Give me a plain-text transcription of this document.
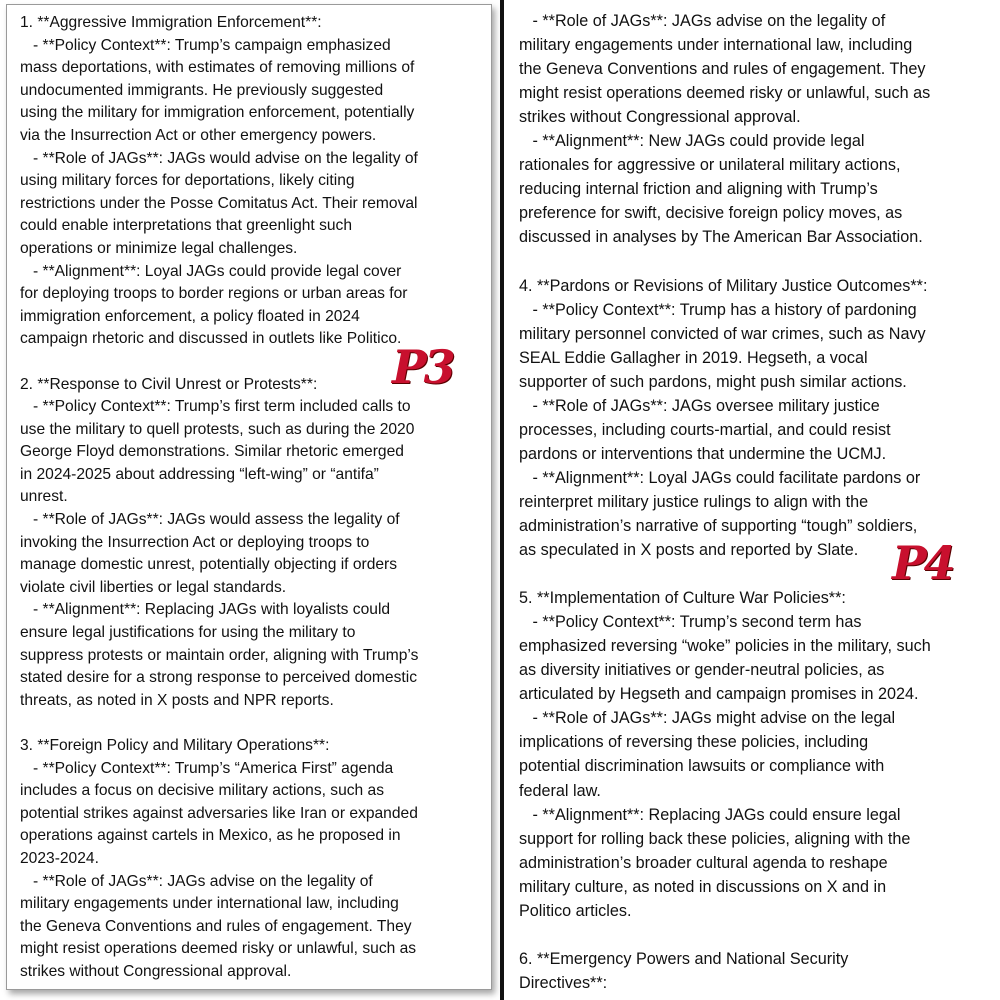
1. **Aggressive Immigration Enforcement**:
- **Policy Context**: Trump’s campaign emphasized
mass deportations, with estimates of removing millions of
undocumented immigrants. He previously suggested
using the military for immigration enforcement, potentially
via the Insurrection Act or other emergency powers.
- **Role of JAGs**: JAGs would advise on the legality of
using military forces for deportations, likely citing
restrictions under the Posse Comitatus Act. Their removal
could enable interpretations that greenlight such
operations or minimize legal challenges.
- **Alignment**: Loyal JAGs could provide legal cover
for deploying troops to border regions or urban areas for
immigration enforcement, a policy floated in 2024
campaign rhetoric and discussed in outlets like Politico.
2. **Response to Civil Unrest or Protests**:
- **Policy Context**: Trump’s first term included calls to
use the military to quell protests, such as during the 2020
George Floyd demonstrations. Similar rhetoric emerged
in 2024-2025 about addressing “left-wing” or “antifa”
unrest.
- **Role of JAGs**: JAGs would assess the legality of
invoking the Insurrection Act or deploying troops to
manage domestic unrest, potentially objecting if orders
violate civil liberties or legal standards.
- **Alignment**: Replacing JAGs with loyalists could
ensure legal justifications for using the military to
suppress protests or maintain order, aligning with Trump’s
stated desire for a strong response to perceived domestic
threats, as noted in X posts and NPR reports.
3. **Foreign Policy and Military Operations**:
- **Policy Context**: Trump’s “America First” agenda
includes a focus on decisive military actions, such as
potential strikes against adversaries like Iran or expanded
operations against cartels in Mexico, as he proposed in
2023-2024.
- **Role of JAGs**: JAGs advise on the legality of
military engagements under international law, including
the Geneva Conventions and rules of engagement. They
might resist operations deemed risky or unlawful, such as
strikes without Congressional approval.
- **Role of JAGs**: JAGs advise on the legality of
military engagements under international law, including
the Geneva Conventions and rules of engagement. They
might resist operations deemed risky or unlawful, such as
strikes without Congressional approval.
- **Alignment**: New JAGs could provide legal
rationales for aggressive or unilateral military actions,
reducing internal friction and aligning with Trump’s
preference for swift, decisive foreign policy moves, as
discussed in analyses by The American Bar Association.
4. **Pardons or Revisions of Military Justice Outcomes**:
- **Policy Context**: Trump has a history of pardoning
military personnel convicted of war crimes, such as Navy
SEAL Eddie Gallagher in 2019. Hegseth, a vocal
supporter of such pardons, might push similar actions.
- **Role of JAGs**: JAGs oversee military justice
processes, including courts-martial, and could resist
pardons or interventions that undermine the UCMJ.
- **Alignment**: Loyal JAGs could facilitate pardons or
reinterpret military justice rulings to align with the
administration’s narrative of supporting “tough” soldiers,
as speculated in X posts and reported by Slate.
5. **Implementation of Culture War Policies**:
- **Policy Context**: Trump’s second term has
emphasized reversing “woke” policies in the military, such
as diversity initiatives or gender-neutral policies, as
articulated by Hegseth and campaign promises in 2024.
- **Role of JAGs**: JAGs might advise on the legal
implications of reversing these policies, including
potential discrimination lawsuits or compliance with
federal law.
- **Alignment**: Replacing JAGs could ensure legal
support for rolling back these policies, aligning with the
administration’s broader cultural agenda to reshape
military culture, as noted in discussions on X and in
Politico articles.
6. **Emergency Powers and National Security
Directives**:
P3
P4
